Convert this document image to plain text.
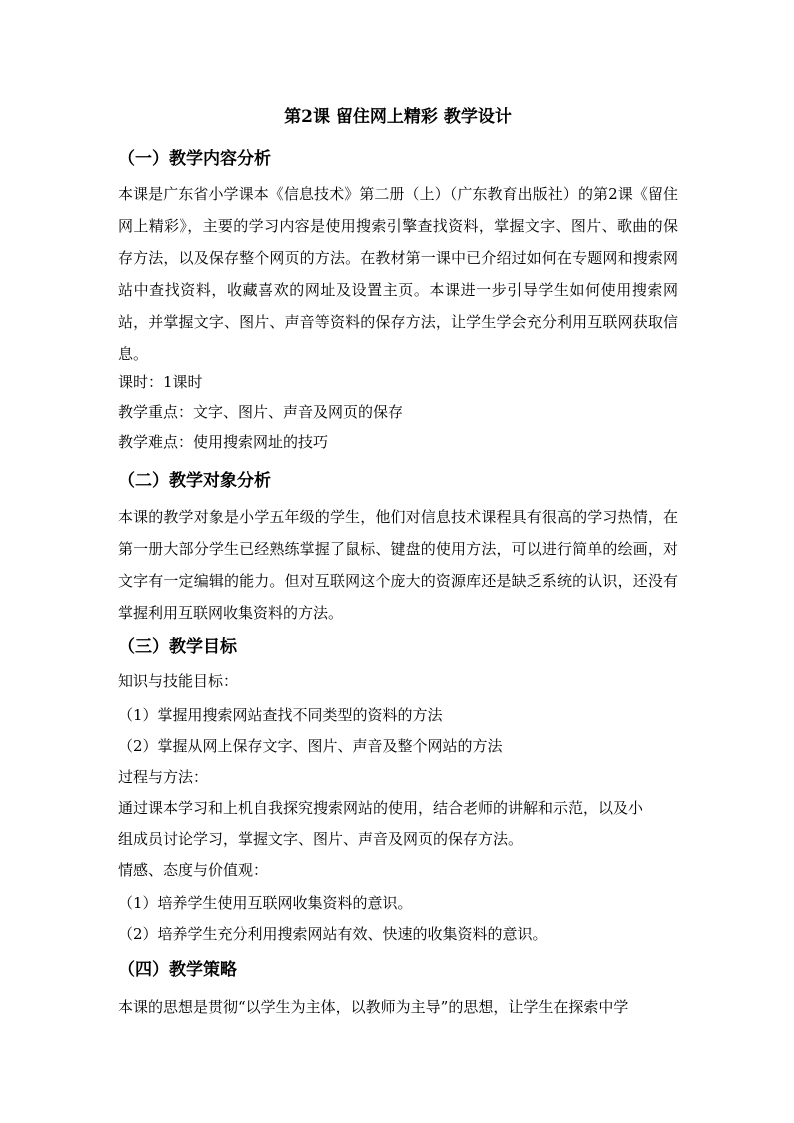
第2课 留住网上精彩 教学设计
（一）教学内容分析
本课是广东省小学课本《信息技术》第二册（上）（广东教育出版社）的第2课《留住网上精彩》，主要的学习内容是使用搜索引擎查找资料，掌握文字、图片、歌曲的保存方法，以及保存整个网页的方法。在教材第一课中已介绍过如何在专题网和搜索网站中查找资料，收藏喜欢的网址及设置主页。本课进一步引导学生如何使用搜索网站，并掌握文字、图片、声音等资料的保存方法，让学生学会充分利用互联网获取信息。
课时：1课时
教学重点：文字、图片、声音及网页的保存
教学难点：使用搜索网址的技巧
（二）教学对象分析
本课的教学对象是小学五年级的学生，他们对信息技术课程具有很高的学习热情，在第一册大部分学生已经熟练掌握了鼠标、键盘的使用方法，可以进行简单的绘画，对文字有一定编辑的能力。但对互联网这个庞大的资源库还是缺乏系统的认识，还没有掌握利用互联网收集资料的方法。
（三）教学目标
知识与技能目标：
（1）掌握用搜索网站查找不同类型的资料的方法
（2）掌握从网上保存文字、图片、声音及整个网站的方法
过程与方法：
通过课本学习和上机自我探究搜索网站的使用，结合老师的讲解和示范，以及小
组成员讨论学习，掌握文字、图片、声音及网页的保存方法。
情感、态度与价值观：
（1）培养学生使用互联网收集资料的意识。
（2）培养学生充分利用搜索网站有效、快速的收集资料的意识。
（四）教学策略
本课的思想是贯彻“以学生为主体，以教师为主导”的思想，让学生在探索中学
